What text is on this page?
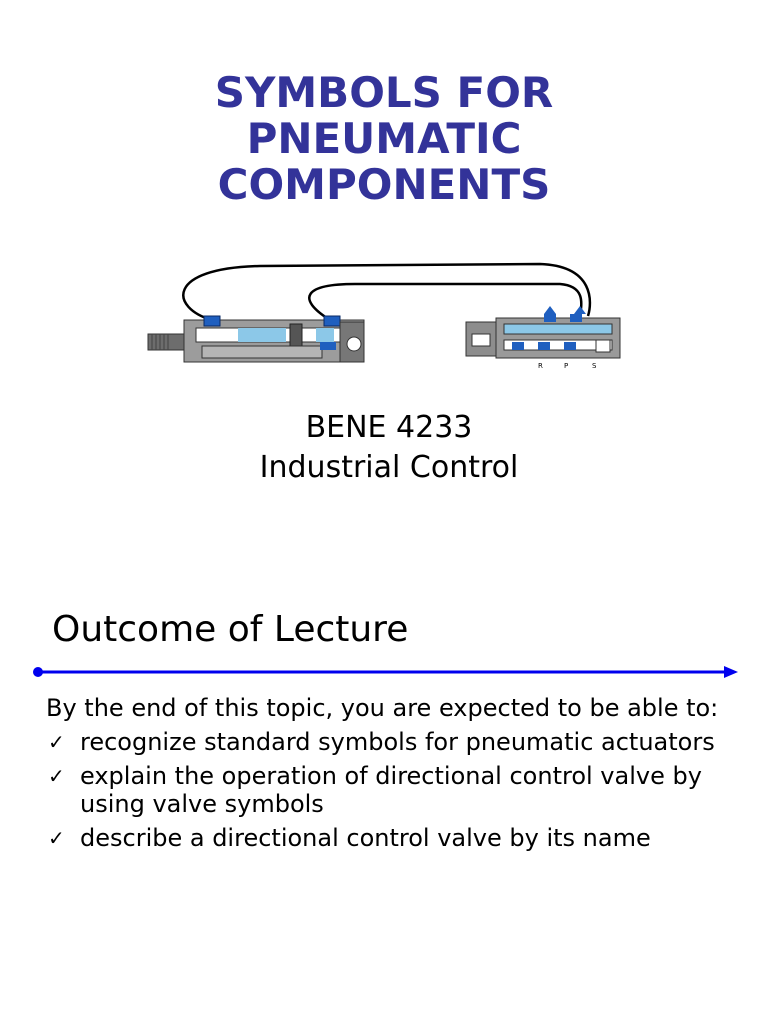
SYMBOLS FOR
PNEUMATIC
COMPONENTS
R	P	S
BENE 4233
Industrial Control
Outcome of Lecture

By the end of this topic, you are expected to be able to:

✓ recognize standard symbols for pneumatic actuators
✓ explain the operation of directional control valve by using valve symbols
✓ describe a directional control valve by its name
